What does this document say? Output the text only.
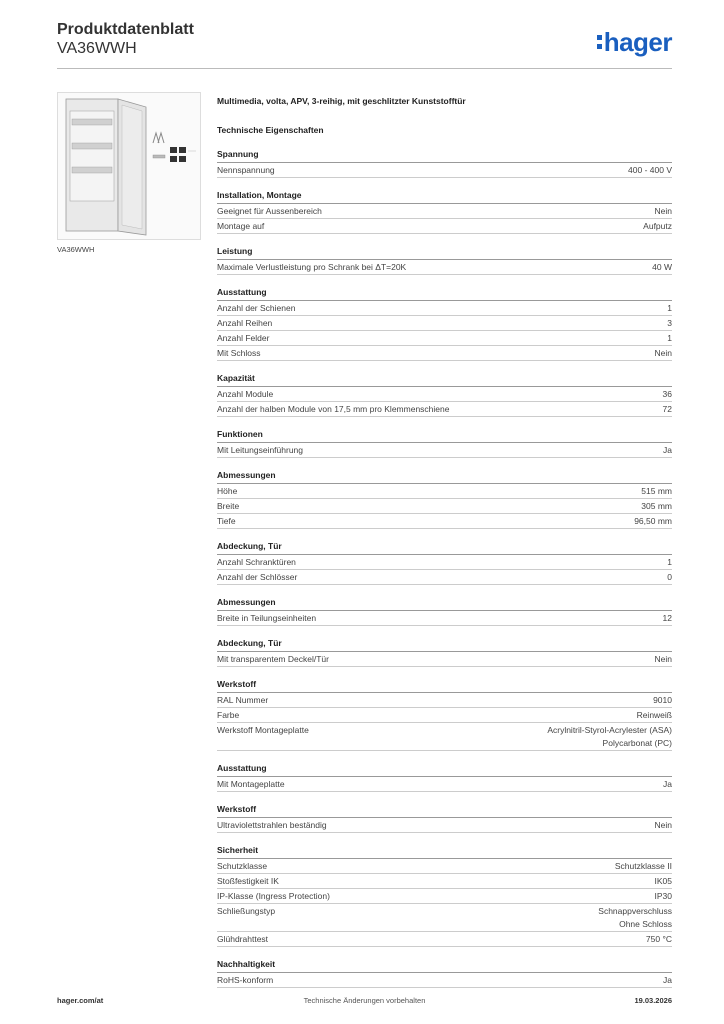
Produktdatenblatt
VA36WWH	hager
VA36WWH
Multimedia, volta, APV, 3-reihig, mit geschlitzter Kunststofftür
Technische Eigenschaften
Spannung
Nennspannung	400 - 400 V
Installation, Montage
Geeignet für Aussenbereich	Nein
Montage auf	Aufputz
Leistung
Maximale Verlustleistung pro Schrank bei ΔT=20K	40 W
Ausstattung
Anzahl der Schienen	1
Anzahl Reihen	3
Anzahl Felder	1
Mit Schloss	Nein
Kapazität
Anzahl Module	36
Anzahl der halben Module von 17,5 mm pro Klemmenschiene	72
Funktionen
Mit Leitungseinführung	Ja
Abmessungen
Höhe	515 mm
Breite	305 mm
Tiefe	96,50 mm
Abdeckung, Tür
Anzahl Schranktüren	1
Anzahl der Schlösser	0
Abmessungen
Breite in Teilungseinheiten	12
Abdeckung, Tür
Mit transparentem Deckel/Tür	Nein
Werkstoff
RAL Nummer	9010
Farbe	Reinweiß
Werkstoff Montageplatte	Acrylnitril-Styrol-Acrylester (ASA)
Polycarbonat (PC)
Ausstattung
Mit Montageplatte	Ja
Werkstoff
Ultraviolettstrahlen beständig	Nein
Sicherheit
Schutzklasse	Schutzklasse II
Stoßfestigkeit IK	IK05
IP-Klasse (Ingress Protection)	IP30
Schließungstyp	Schnappverschluss
Ohne Schloss
Glühdrahttest	750 °C
Nachhaltigkeit
RoHS-konform	Ja
hager.com/at	Technische Änderungen vorbehalten	19.03.2026
